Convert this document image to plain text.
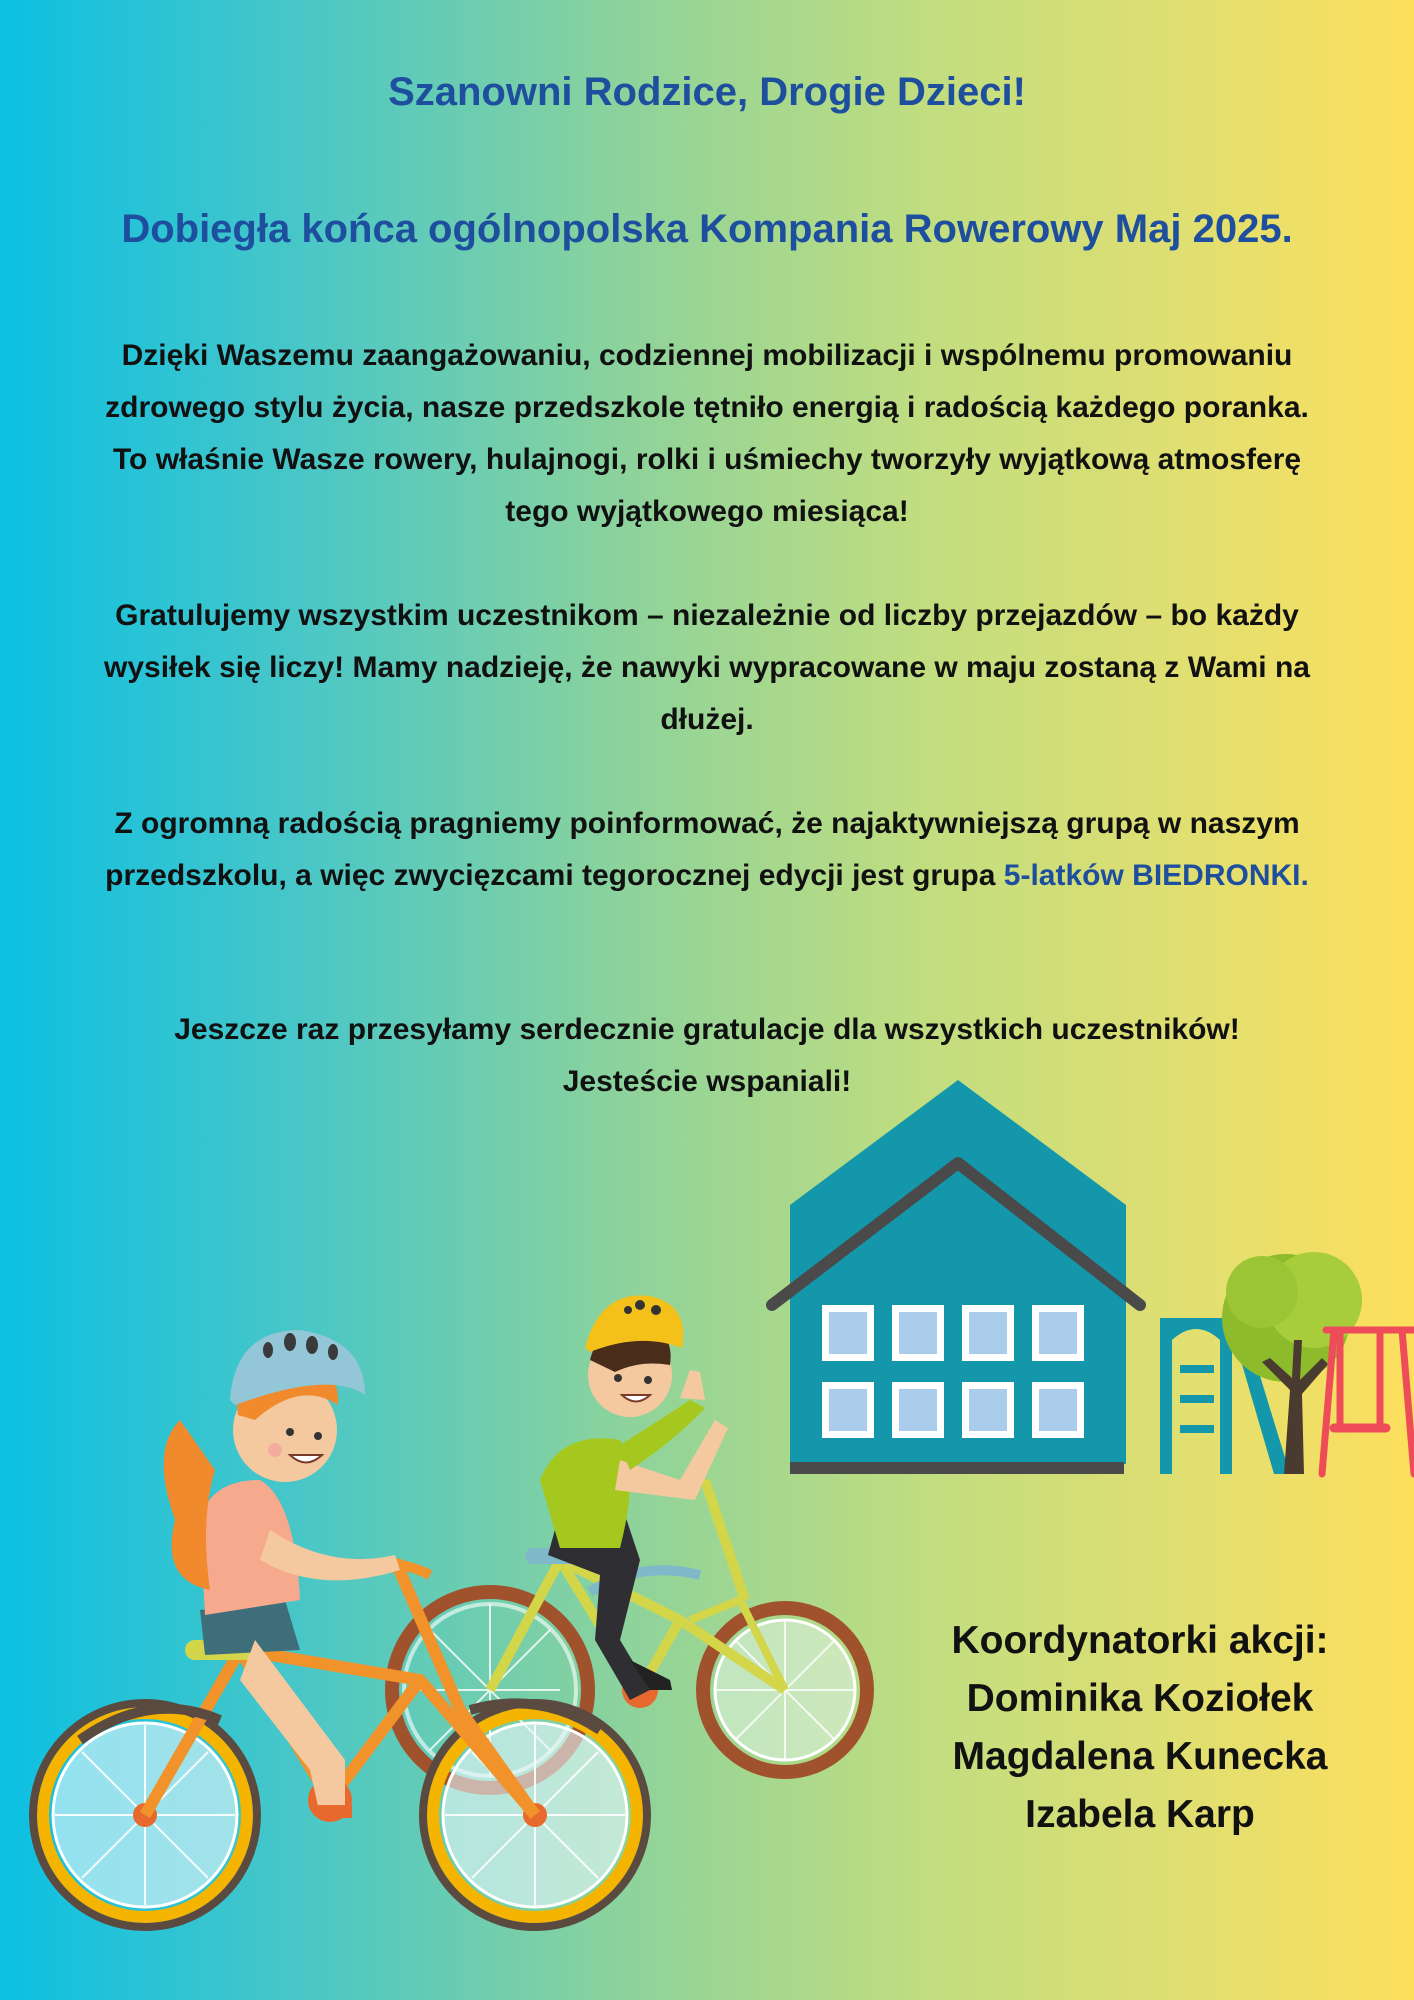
Szanowni Rodzice, Drogie Dzieci!
Dobiegła końca ogólnopolska Kompania Rowerowy Maj 2025.
Dzięki Waszemu zaangażowaniu, codziennej mobilizacji i wspólnemu promowaniu
zdrowego stylu życia, nasze przedszkole tętniło energią i radością każdego poranka.
To właśnie Wasze rowery, hulajnogi, rolki i uśmiechy tworzyły wyjątkową atmosferę
tego wyjątkowego miesiąca!
Gratulujemy wszystkim uczestnikom – niezależnie od liczby przejazdów – bo każdy
wysiłek się liczy! Mamy nadzieję, że nawyki wypracowane w maju zostaną z Wami na
dłużej.
Z ogromną radością pragniemy poinformować, że najaktywniejszą grupą w naszym
przedszkolu, a więc zwycięzcami tegorocznej edycji jest grupa 5-latków BIEDRONKI.
Jeszcze raz przesyłamy serdecznie gratulacje dla wszystkich uczestników!
Jesteście wspaniali!
Koordynatorki akcji:
Dominika Koziołek
Magdalena Kunecka
Izabela Karp
